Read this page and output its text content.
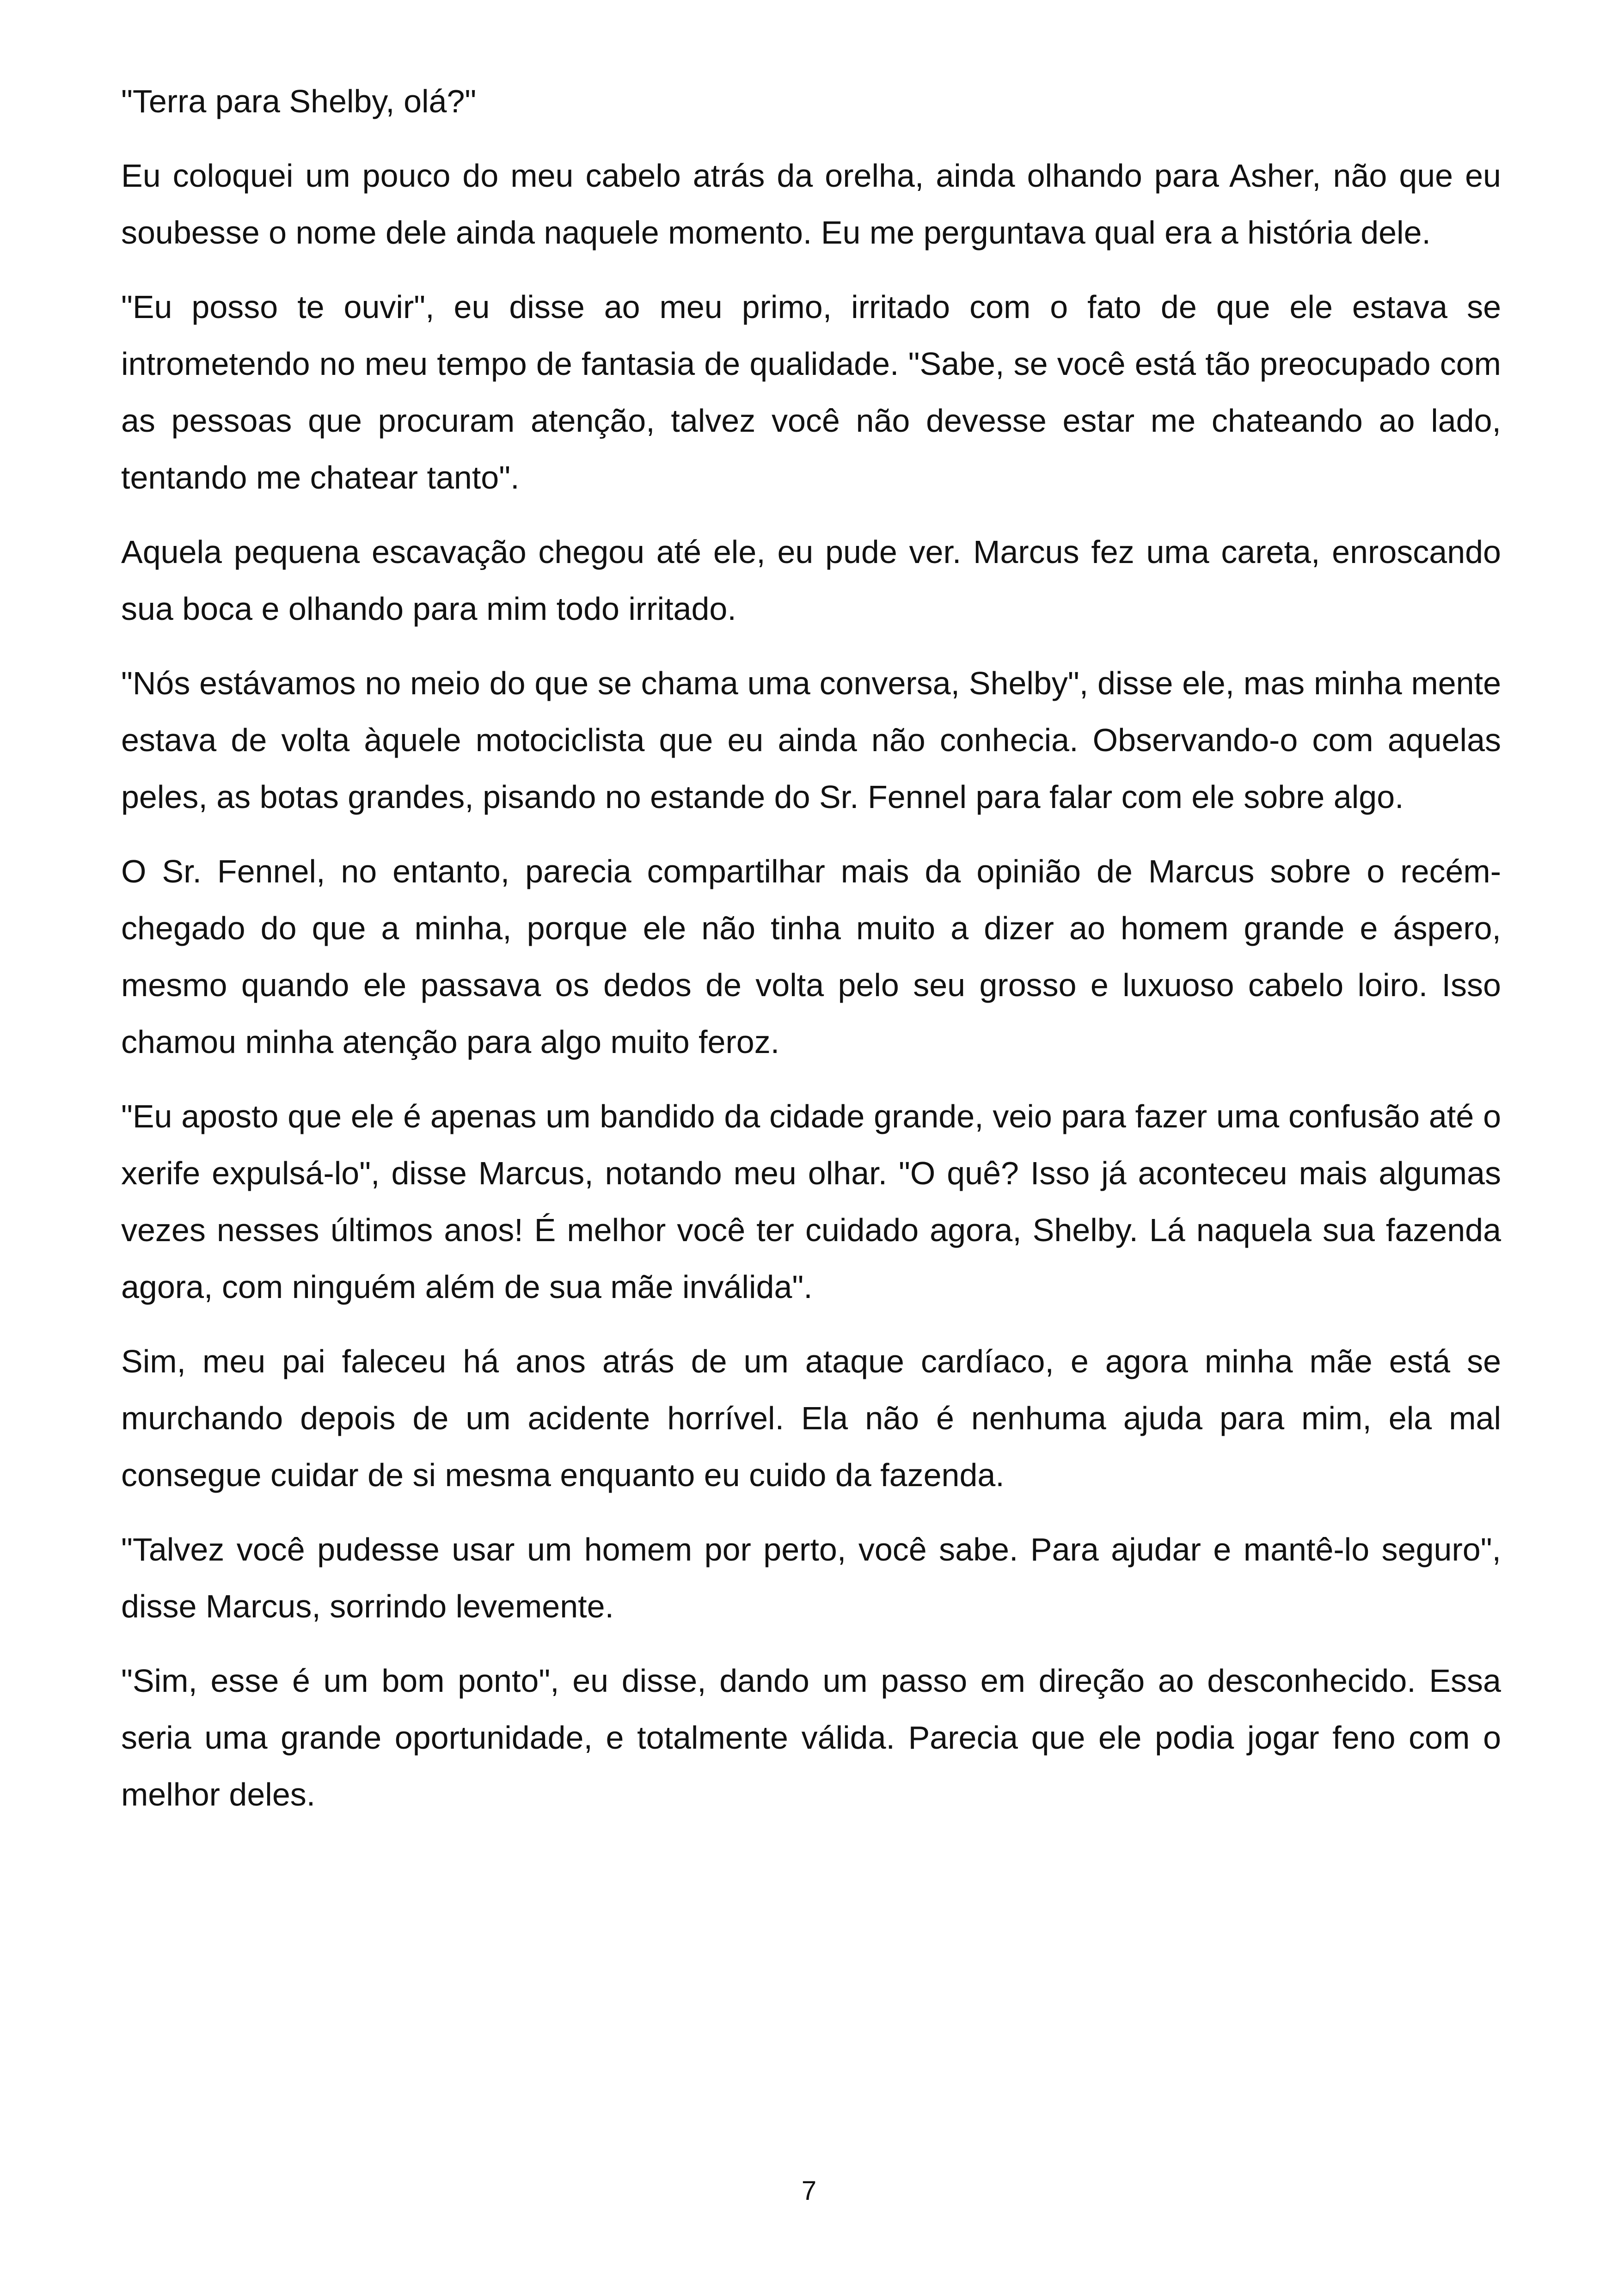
"Terra para Shelby, olá?"

Eu coloquei um pouco do meu cabelo atrás da orelha, ainda olhando para Asher, não que eu soubesse o nome dele ainda naquele momento. Eu me perguntava qual era a história dele.

"Eu posso te ouvir", eu disse ao meu primo, irritado com o fato de que ele estava se intrometendo no meu tempo de fantasia de qualidade. "Sabe, se você está tão preocupado com as pessoas que procuram atenção, talvez você não devesse estar me chateando ao lado, tentando me chatear tanto".

Aquela pequena escavação chegou até ele, eu pude ver. Marcus fez uma careta, enroscando sua boca e olhando para mim todo irritado.

"Nós estávamos no meio do que se chama uma conversa, Shelby", disse ele, mas minha mente estava de volta àquele motociclista que eu ainda não conhecia. Observando-o com aquelas peles, as botas grandes, pisando no estande do Sr. Fennel para falar com ele sobre algo.

O Sr. Fennel, no entanto, parecia compartilhar mais da opinião de Marcus sobre o recém-chegado do que a minha, porque ele não tinha muito a dizer ao homem grande e áspero, mesmo quando ele passava os dedos de volta pelo seu grosso e luxuoso cabelo loiro. Isso chamou minha atenção para algo muito feroz.

"Eu aposto que ele é apenas um bandido da cidade grande, veio para fazer uma confusão até o xerife expulsá-lo", disse Marcus, notando meu olhar. "O quê? Isso já aconteceu mais algumas vezes nesses últimos anos! É melhor você ter cuidado agora, Shelby. Lá naquela sua fazenda agora, com ninguém além de sua mãe inválida".

Sim, meu pai faleceu há anos atrás de um ataque cardíaco, e agora minha mãe está se murchando depois de um acidente horrível. Ela não é nenhuma ajuda para mim, ela mal consegue cuidar de si mesma enquanto eu cuido da fazenda.

"Talvez você pudesse usar um homem por perto, você sabe. Para ajudar e mantê-lo seguro", disse Marcus, sorrindo levemente.

"Sim, esse é um bom ponto", eu disse, dando um passo em direção ao desconhecido. Essa seria uma grande oportunidade, e totalmente válida. Parecia que ele podia jogar feno com o melhor deles.

7
